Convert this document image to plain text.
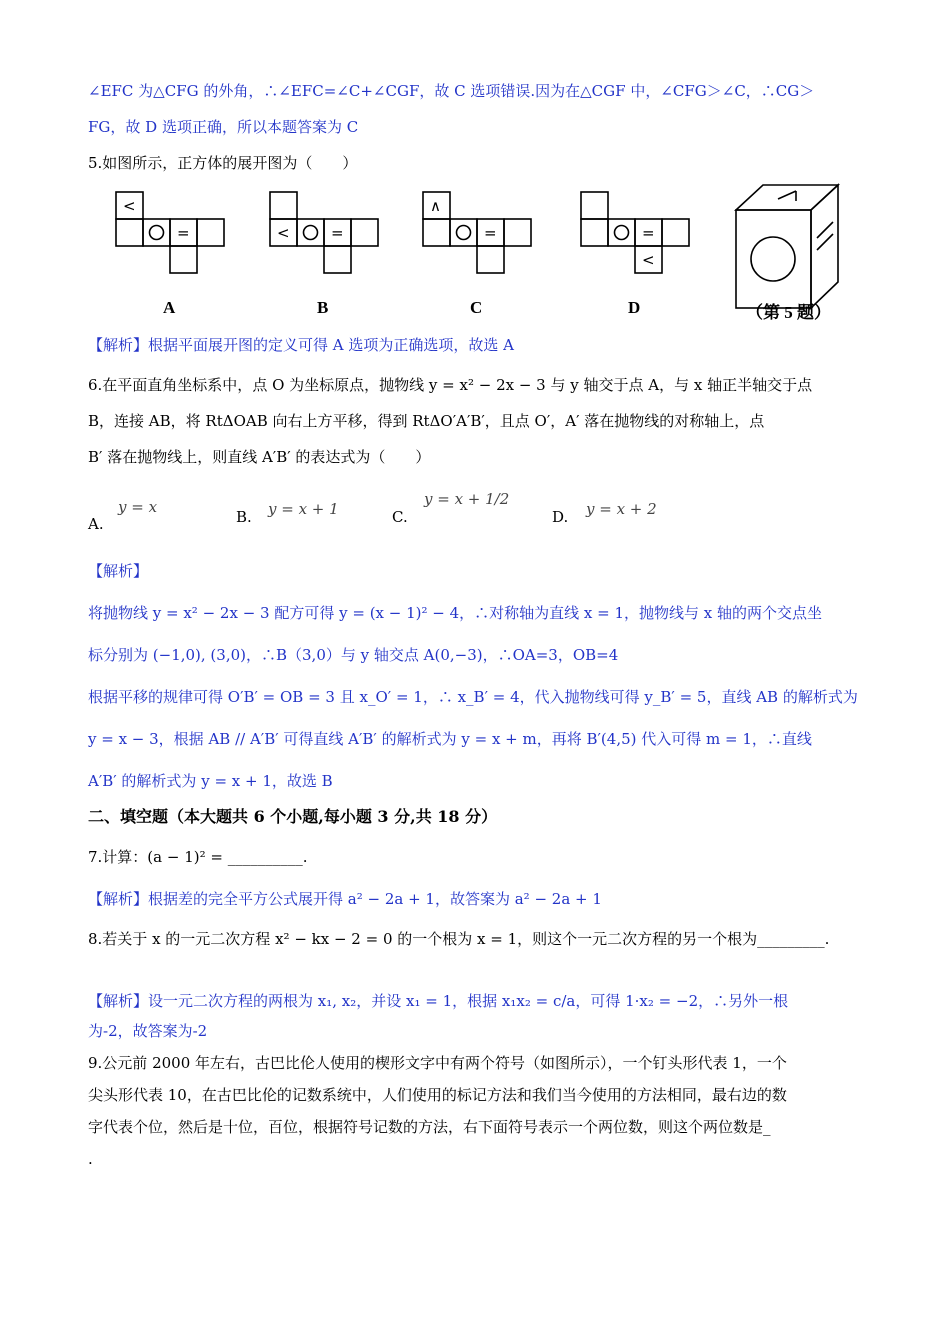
∠EFC 为△CFG 的外角，∴∠EFC=∠C+∠CGF，故 C 选项错误.因为在△CGF 中，∠CFG＞∠C，∴CG＞
FG，故 D 选项正确，所以本题答案为 C
5.如图所示，正方体的展开图为（　　）
<
=	<	=
∧
=	=
<
A	B	C	D	（第 5 题）
【解析】根据平面展开图的定义可得 A 选项为正确选项，故选 A
6.在平面直角坐标系中，点 O 为坐标原点，抛物线 y = x² − 2x − 3 与 y 轴交于点 A，与 x 轴正半轴交于点
B，连接 AB，将 RtΔOAB 向右上方平移，得到 RtΔO′A′B′，且点 O′，A′ 落在抛物线的对称轴上，点
B′ 落在抛物线上，则直线 A′B′ 的表达式为（　　）
A.
y = x
B. y = x + 1	C.
y = x + 1/2
D. y = x + 2
【解析】
将抛物线 y = x² − 2x − 3 配方可得 y = (x − 1)² − 4，∴对称轴为直线 x = 1，抛物线与 x 轴的两个交点坐
标分别为 (−1,0), (3,0)，∴B（3,0）与 y 轴交点 A(0,−3)，∴OA=3，OB=4
根据平移的规律可得 O′B′ = OB = 3 且 x_O′ = 1，∴ x_B′ = 4，代入抛物线可得 y_B′ = 5，直线 AB 的解析式为
y = x − 3，根据 AB // A′B′ 可得直线 A′B′ 的解析式为 y = x + m，再将 B′(4,5) 代入可得 m = 1，∴直线
A′B′ 的解析式为 y = x + 1，故选 B
二、填空题（本大题共 6 个小题,每小题 3 分,共 18 分）
7.计算：(a − 1)² = __________.
【解析】根据差的完全平方公式展开得 a² − 2a + 1，故答案为 a² − 2a + 1
8.若关于 x 的一元二次方程 x² − kx − 2 = 0 的一个根为 x = 1，则这个一元二次方程的另一个根为_________.
【解析】设一元二次方程的两根为 x₁, x₂，并设 x₁ = 1，根据 x₁x₂ = c/a，可得 1·x₂ = −2，∴另外一根
为-2，故答案为-2
9.公元前 2000 年左右，古巴比伦人使用的楔形文字中有两个符号（如图所示），一个钉头形代表 1，一个
尖头形代表 10，在古巴比伦的记数系统中，人们使用的标记方法和我们当今使用的方法相同，最右边的数
字代表个位，然后是十位，百位，根据符号记数的方法，右下面符号表示一个两位数，则这个两位数是_
.
